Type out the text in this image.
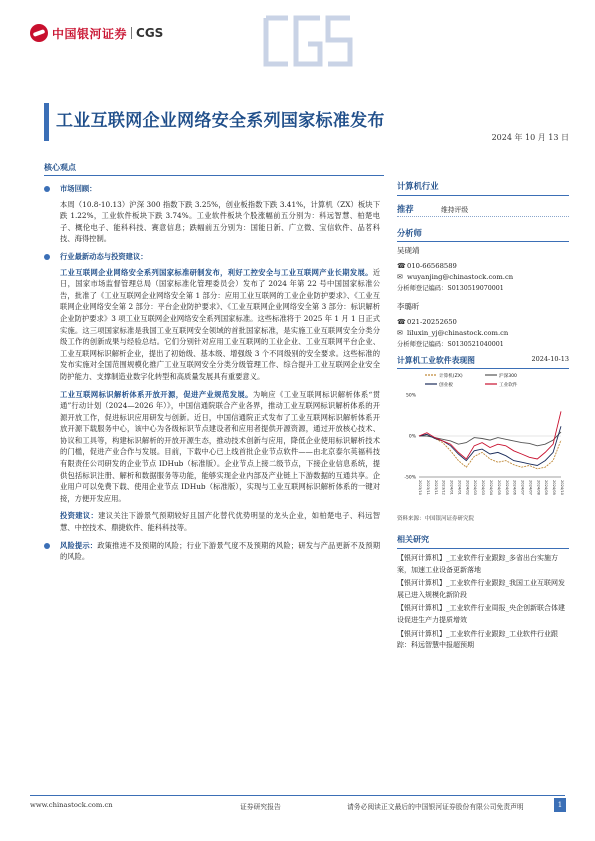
中国银河证券 CGS
工业互联网企业网络安全系列国家标准发布
2024 年 10 月 13 日
核心观点
市场回顾：

本周（10.8-10.13）沪深 300 指数下跌 3.25%，创业板指数下跌 3.41%，计算机（ZX）板块下跌 1.22%，工业软件板块下跌 3.74%。工业软件板块个股涨幅前五分别为：科远智慧、柏楚电子、概伦电子、能科科技、赛意信息；跌幅前五分别为：国能日新、广立微、宝信软件、品茗科技、海得控制。

行业最新动态与投资建议：

工业互联网企业网络安全系列国家标准研制发布，利好工控安全与工业互联网产业长期发展。近日，国家市场监督管理总局（国家标准化管理委员会）发布了 2024 年第 22 号中国国家标准公告，批准了《工业互联网企业网络安全第 1 部分：应用工业互联网的工业企业防护要求》、《工业互联网企业网络安全第 2 部分：平台企业防护要求》、《工业互联网企业网络安全第 3 部分：标识解析企业防护要求》3 项工业互联网企业网络安全系列国家标准。这些标准将于 2025 年 1 月 1 日正式实施。这三项国家标准是我国工业互联网安全领域的首批国家标准，是实施工业互联网安全分类分级工作的创新成果与经验总结。它们分别针对应用工业互联网的工业企业、工业互联网平台企业、工业互联网标识解析企业，提出了初始级、基本级、增强级 3 个不同级别的安全要求。这些标准的发布实施对全国范围规模化推广工业互联网安全分类分级管理工作、综合提升工业互联网企业安全防护能力、支撑制造业数字化转型和高质量发展具有重要意义。

工业互联网标识解析体系开放开源，促进产业规范发展。为响应《工业互联网标识解析体系“贯通”行动计划（2024—2026 年）》，中国信通院联合产业各界，推动工业互联网标识解析体系的开源开放工作，促进标识应用研发与创新。近日，中国信通院正式发布了工业互联网标识解析体系开放开源下载服务中心，该中心为各级标识节点建设者和应用者提供开源资源，通过开放核心技术、协议和工具等，构建标识解析的开放开源生态，推动技术创新与应用，降低企业使用标识解析技术的门槛，促进产业合作与发展。目前，下载中心已上线首批企业节点软件——由北京泰尔英福科技有限责任公司研发的企业节点 IDHub（标准版）。企业节点上接二级节点，下接企业信息系统，提供包括标识注册、解析和数据服务等功能，能够实现企业内部及产业链上下游数据的互通共享。企业用户可以免费下载、使用企业节点 IDHub（标准版），实现与工业互联网标识解析体系的一键对接，方便开发应用。

投资建议：建议关注下游景气预期较好且国产化替代优势明显的龙头企业，如柏楚电子、科远智慧、中控技术、鼎捷软件、能科科技等。

风险提示：政策推进不及预期的风险；行业下游景气度不及预期的风险；研发与产品更新不及预期的风险。
计算机行业
推荐	维持评级
分析师
吴砚靖
☎ 010-66568589
✉ wuyanjing@chinastock.com.cn
分析师登记编码：S0130519070001
李璐昕
☎ 021-20252650
✉ liluxin_yj@chinastock.com.cn
分析师登记编码：S0130521040001
计算机工业软件表现图	2024-10-13
计算机(ZX)	沪深300
创业板	工业软件
50%
0%
-50%
2023/10 2023/11 2023/11 2023/12 2024/01 2024/01 2024/02 2024/03 2024/03 2024/04 2024/05 2024/05 2024/06 2024/07 2024/07 2024/08 2024/09 2024/09 2024/10
资料来源：中国银河证券研究院
相关研究
【银河计算机】_工业软件行业跟踪_多省出台实施方案，加速工业设备更新落地
【银河计算机】_工业软件行业跟踪_我国工业互联网发展已进入规模化新阶段
【银河计算机】_工业软件行业周报_央企创新联合体建设促进生产力提质增效
【银河计算机】_工业软件行业跟踪_工业软件行业跟踪：科远智慧中报超预期
www.chinastock.com.cn	证券研究报告	请务必阅读正文最后的中国银河证券股份有限公司免责声明	1
